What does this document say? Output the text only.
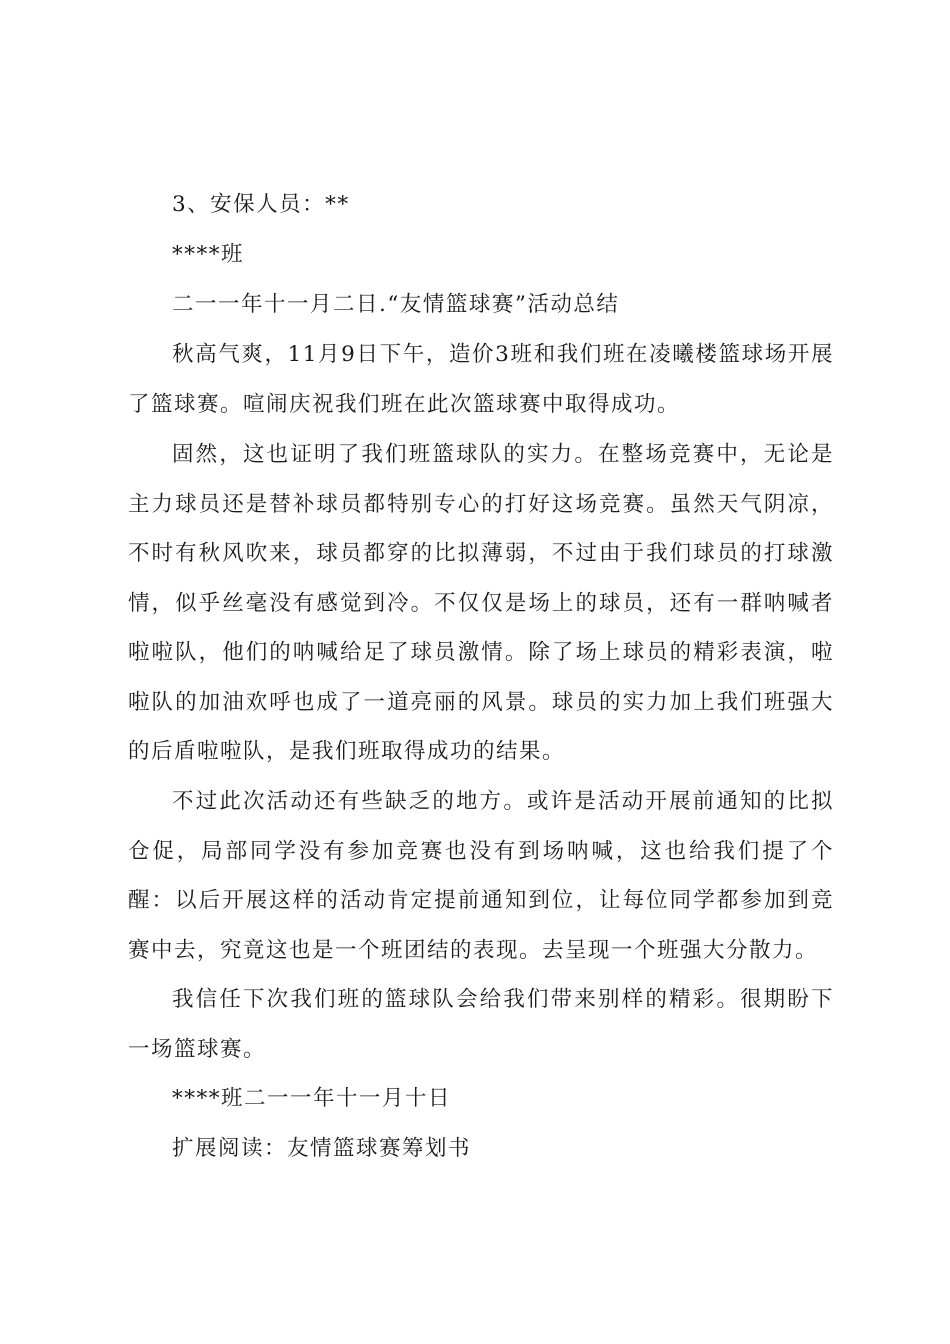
3、安保人员：**
****班
二一一年十一月二日.“友情篮球赛”活动总结
秋高气爽，11月9日下午，造价3班和我们班在凌曦楼篮球场开展了篮球赛。喧闹庆祝我们班在此次篮球赛中取得成功。
固然，这也证明了我们班篮球队的实力。在整场竞赛中，无论是主力球员还是替补球员都特别专心的打好这场竞赛。虽然天气阴凉，不时有秋风吹来，球员都穿的比拟薄弱，不过由于我们球员的打球激情，似乎丝毫没有感觉到冷。不仅仅是场上的球员，还有一群呐喊者啦啦队，他们的呐喊给足了球员激情。除了场上球员的精彩表演，啦啦队的加油欢呼也成了一道亮丽的风景。球员的实力加上我们班强大的后盾啦啦队，是我们班取得成功的结果。
不过此次活动还有些缺乏的地方。或许是活动开展前通知的比拟仓促，局部同学没有参加竞赛也没有到场呐喊，这也给我们提了个醒：以后开展这样的活动肯定提前通知到位，让每位同学都参加到竞赛中去，究竟这也是一个班团结的表现。去呈现一个班强大分散力。
我信任下次我们班的篮球队会给我们带来别样的精彩。很期盼下一场篮球赛。
****班二一一年十一月十日
扩展阅读：友情篮球赛筹划书
